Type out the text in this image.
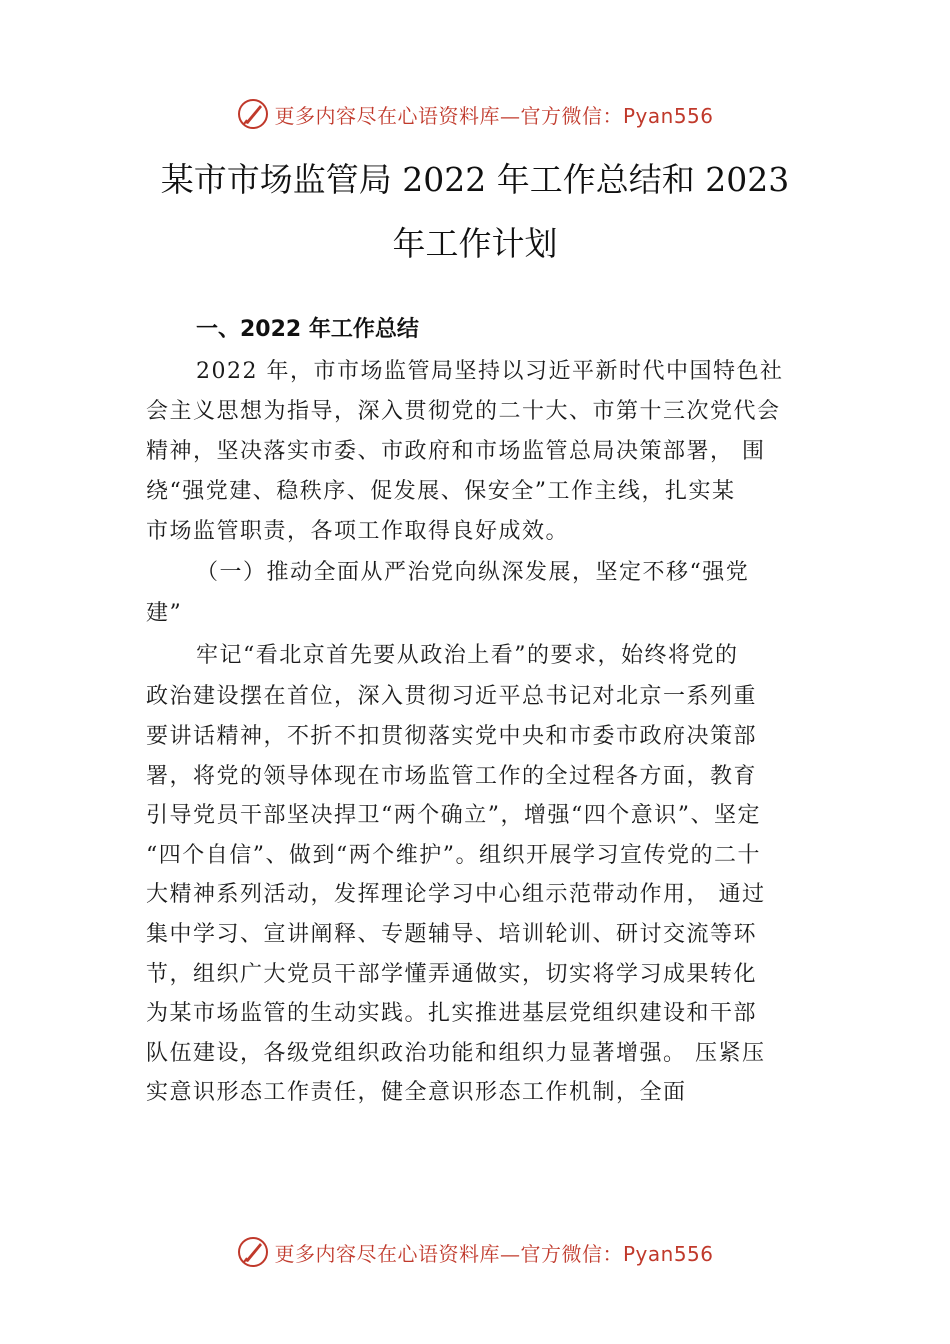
更多内容尽在心语资料库—官方微信：Pyan556
某市市场监管局 2022 年工作总结和 2023
年工作计划
一、2022 年工作总结
2022 年，市市场监管局坚持以习近平新时代中国特色社
会主义思想为指导，深入贯彻党的二十大、市第十三次党代会
精神，坚决落实市委、市政府和市场监管总局决策部署， 围
绕“强党建、稳秩序、促发展、保安全”工作主线，扎实某
市场监管职责，各项工作取得良好成效。
（一）推动全面从严治党向纵深发展，坚定不移“强党
建”
牢记“看北京首先要从政治上看”的要求，始终将党的
政治建设摆在首位，深入贯彻习近平总书记对北京一系列重
要讲话精神，不折不扣贯彻落实党中央和市委市政府决策部
署，将党的领导体现在市场监管工作的全过程各方面，教育
引导党员干部坚决捍卫“两个确立”，增强“四个意识”、坚定
“四个自信”、做到“两个维护”。组织开展学习宣传党的二十
大精神系列活动，发挥理论学习中心组示范带动作用， 通过
集中学习、宣讲阐释、专题辅导、培训轮训、研讨交流等环
节，组织广大党员干部学懂弄通做实，切实将学习成果转化
为某市场监管的生动实践。扎实推进基层党组织建设和干部
队伍建设，各级党组织政治功能和组织力显著增强。 压紧压
实意识形态工作责任，健全意识形态工作机制，全面
更多内容尽在心语资料库—官方微信：Pyan556
